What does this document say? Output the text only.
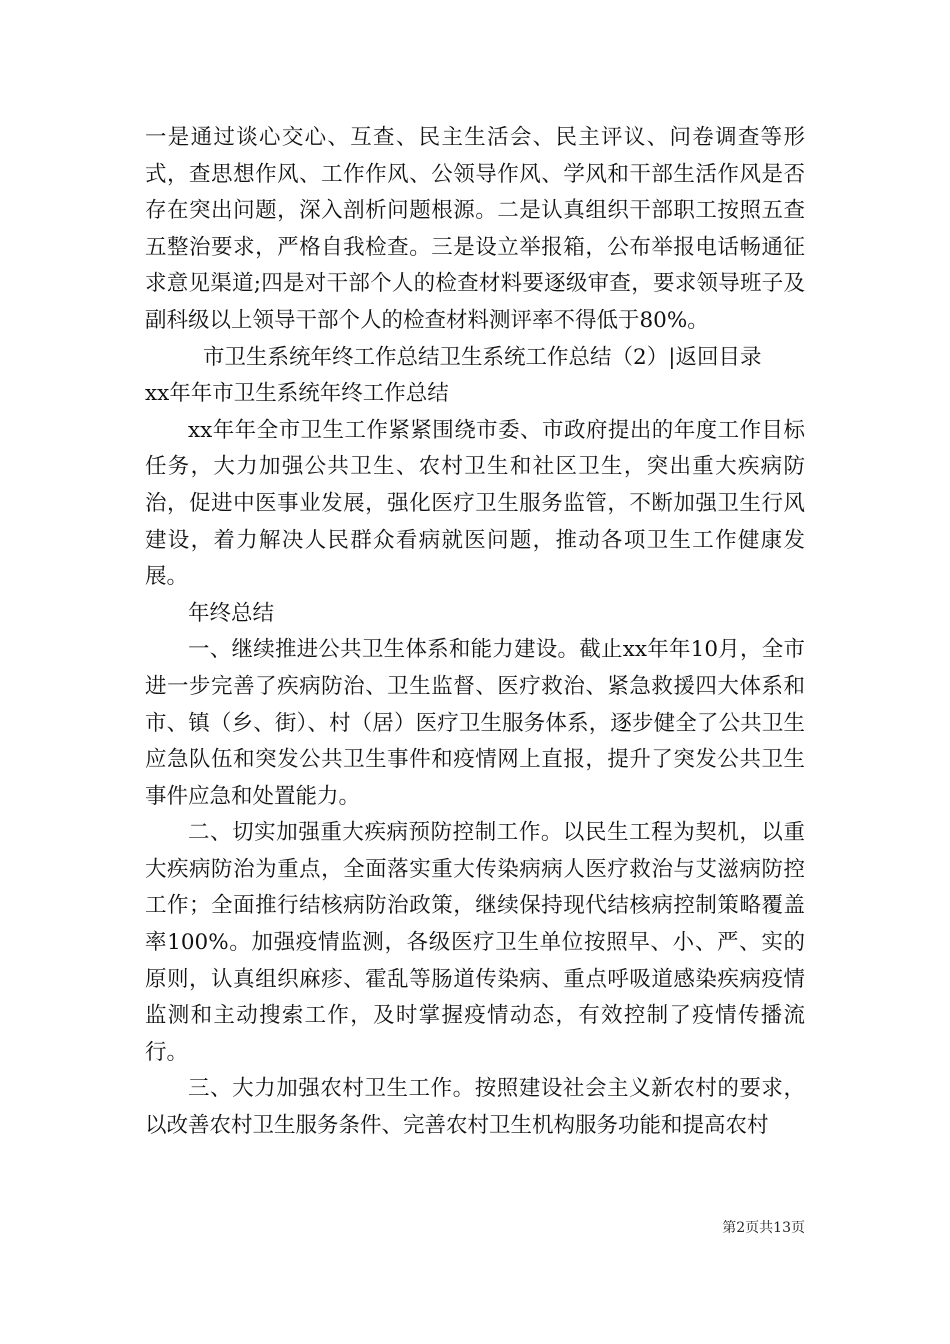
一是通过谈心交心、互查、民主生活会、民主评议、问卷调查等形式，查思想作风、工作作风、公领导作风、学风和干部生活作风是否存在突出问题，深入剖析问题根源。二是认真组织干部职工按照五查五整治要求，严格自我检查。三是设立举报箱，公布举报电话畅通征求意见渠道;四是对干部个人的检查材料要逐级审查，要求领导班子及副科级以上领导干部个人的检查材料测评率不得低于80%。

市卫生系统年终工作总结卫生系统工作总结（2）|返回目录

xx年年市卫生系统年终工作总结

xx年年全市卫生工作紧紧围绕市委、市政府提出的年度工作目标任务，大力加强公共卫生、农村卫生和社区卫生，突出重大疾病防治，促进中医事业发展，强化医疗卫生服务监管，不断加强卫生行风建设，着力解决人民群众看病就医问题，推动各项卫生工作健康发展。

年终总结

一、继续推进公共卫生体系和能力建设。截止xx年年10月，全市进一步完善了疾病防治、卫生监督、医疗救治、紧急救援四大体系和市、镇（乡、街）、村（居）医疗卫生服务体系，逐步健全了公共卫生应急队伍和突发公共卫生事件和疫情网上直报，提升了突发公共卫生事件应急和处置能力。

二、切实加强重大疾病预防控制工作。以民生工程为契机，以重大疾病防治为重点，全面落实重大传染病病人医疗救治与艾滋病防控工作；全面推行结核病防治政策，继续保持现代结核病控制策略覆盖率100%。加强疫情监测，各级医疗卫生单位按照早、小、严、实的原则，认真组织麻疹、霍乱等肠道传染病、重点呼吸道感染疾病疫情监测和主动搜索工作，及时掌握疫情动态，有效控制了疫情传播流行。

三、大力加强农村卫生工作。按照建设社会主义新农村的要求，以改善农村卫生服务条件、完善农村卫生机构服务功能和提高农村

第2页共13页
